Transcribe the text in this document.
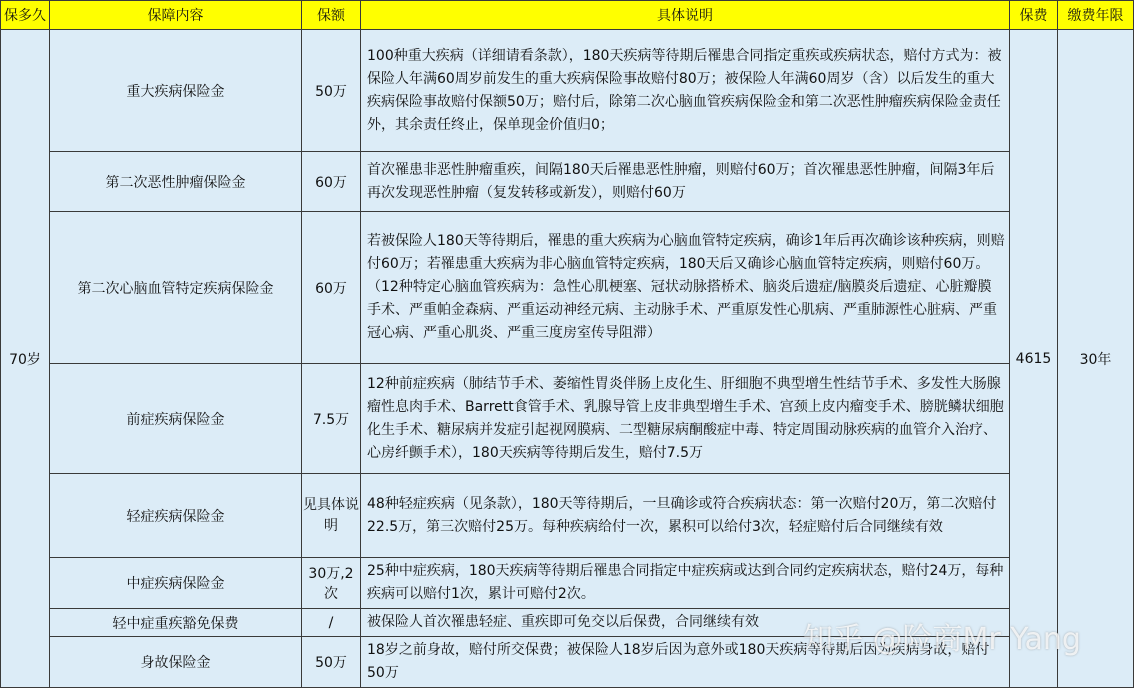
保多久	保障内容	保额	具体说明	保费	缴费年限
70岁	重大疾病保险金	50万	100种重大疾病（详细请看条款），180天疾病等待期后罹患合同指定重疾或疾病状态，赔付方式为：被保险人年满60周岁前发生的重大疾病保险事故赔付80万；被保险人年满60周岁（含）以后发生的重大疾病保险事故赔付保额50万；赔付后，除第二次心脑血管疾病保险金和第二次恶性肿瘤疾病保险金责任外，其余责任终止，保单现金价值归0；	4615	30年
	第二次恶性肿瘤保险金	60万	首次罹患非恶性肿瘤重疾，间隔180天后罹患恶性肿瘤，则赔付60万；首次罹患恶性肿瘤，间隔3年后再次发现恶性肿瘤（复发转移或新发），则赔付60万		
	第二次心脑血管特定疾病保险金	60万	若被保险人180天等待期后，罹患的重大疾病为心脑血管特定疾病，确诊1年后再次确诊该种疾病，则赔付60万；若罹患重大疾病为非心脑血管特定疾病，180天后又确诊心脑血管特定疾病，则赔付60万。（12种特定心脑血管疾病为：急性心肌梗塞、冠状动脉搭桥术、脑炎后遗症/脑膜炎后遗症、心脏瓣膜手术、严重帕金森病、严重运动神经元病、主动脉手术、严重原发性心肌病、严重肺源性心脏病、严重冠心病、严重心肌炎、严重三度房室传导阻滞）		
	前症疾病保险金	7.5万	12种前症疾病（肺结节手术、萎缩性胃炎伴肠上皮化生、肝细胞不典型增生性结节手术、多发性大肠腺瘤性息肉手术、Barrett食管手术、乳腺导管上皮非典型增生手术、宫颈上皮内瘤变手术、膀胱鳞状细胞化生手术、糖尿病并发症引起视网膜病、二型糖尿病酮酸症中毒、特定周围动脉疾病的血管介入治疗、心房纤颤手术），180天疾病等待期后发生，赔付7.5万		
	轻症疾病保险金	见具体说明	48种轻症疾病（见条款），180天等待期后，一旦确诊或符合疾病状态：第一次赔付20万，第二次赔付22.5万，第三次赔付25万。每种疾病给付一次，累积可以给付3次，轻症赔付后合同继续有效		
	中症疾病保险金	30万,2次	25种中症疾病，180天疾病等待期后罹患合同指定中症疾病或达到合同约定疾病状态，赔付24万，每种疾病可以赔付1次，累计可赔付2次。		
	轻中症重疾豁免保费	/	被保险人首次罹患轻症、重疾即可免交以后保费，合同继续有效		
	身故保险金	50万	18岁之前身故，赔付所交保费；被保险人18岁后因为意外或180天疾病等待期后因为疾病身故，赔付50万		
知乎 @险商Mr Yang
